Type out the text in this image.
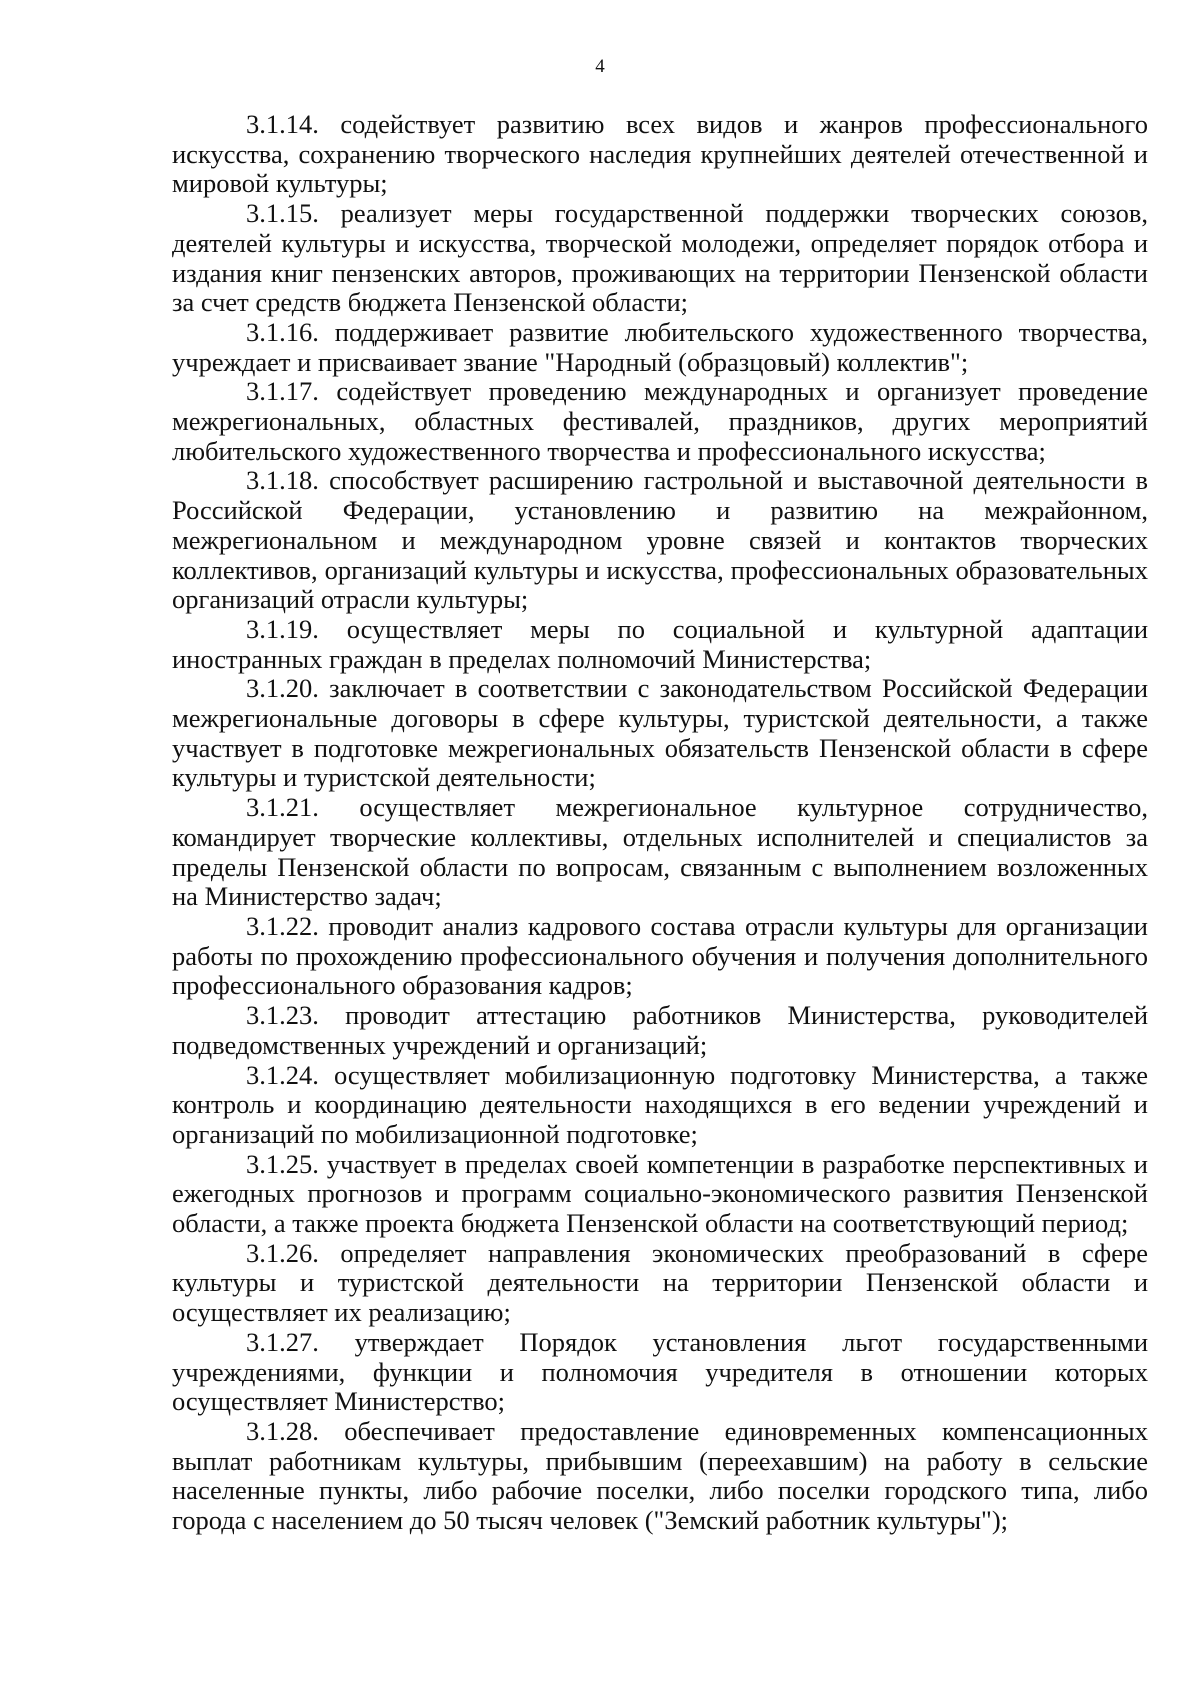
4

3.1.14. содействует развитию всех видов и жанров профессионального искусства, сохранению творческого наследия крупнейших деятелей отечественной и мировой культуры;

3.1.15. реализует меры государственной поддержки творческих союзов, деятелей культуры и искусства, творческой молодежи, определяет порядок отбора и издания книг пензенских авторов, проживающих на территории Пензенской области за счет средств бюджета Пензенской области;

3.1.16. поддерживает развитие любительского художественного творчества, учреждает и присваивает звание "Народный (образцовый) коллектив";

3.1.17. содействует проведению международных и организует проведение межрегиональных, областных фестивалей, праздников, других мероприятий любительского художественного творчества и профессионального искусства;

3.1.18. способствует расширению гастрольной и выставочной деятельности в Российской Федерации, установлению и развитию на межрайонном, межрегиональном и международном уровне связей и контактов творческих коллективов, организаций культуры и искусства, профессиональных образовательных организаций отрасли культуры;

3.1.19. осуществляет меры по социальной и культурной адаптации иностранных граждан в пределах полномочий Министерства;

3.1.20. заключает в соответствии с законодательством Российской Федерации межрегиональные договоры в сфере культуры, туристской деятельности, а также участвует в подготовке межрегиональных обязательств Пензенской области в сфере культуры и туристской деятельности;

3.1.21. осуществляет межрегиональное культурное сотрудничество, командирует творческие коллективы, отдельных исполнителей и специалистов за пределы Пензенской области по вопросам, связанным с выполнением возложенных на Министерство задач;

3.1.22. проводит анализ кадрового состава отрасли культуры для организации работы по прохождению профессионального обучения и получения дополнительного профессионального образования кадров;

3.1.23. проводит аттестацию работников Министерства, руководителей подведомственных учреждений и организаций;

3.1.24. осуществляет мобилизационную подготовку Министерства, а также контроль и координацию деятельности находящихся в его ведении учреждений и организаций по мобилизационной подготовке;

3.1.25. участвует в пределах своей компетенции в разработке перспективных и ежегодных прогнозов и программ социально-экономического развития Пензенской области, а также проекта бюджета Пензенской области на соответствующий период;

3.1.26. определяет направления экономических преобразований в сфере культуры и туристской деятельности на территории Пензенской области и осуществляет их реализацию;

3.1.27. утверждает Порядок установления льгот государственными учреждениями, функции и полномочия учредителя в отношении которых осуществляет Министерство;

3.1.28. обеспечивает предоставление единовременных компенсационных выплат работникам культуры, прибывшим (переехавшим) на работу в сельские населенные пункты, либо рабочие поселки, либо поселки городского типа, либо города с населением до 50 тысяч человек ("Земский работник культуры");
